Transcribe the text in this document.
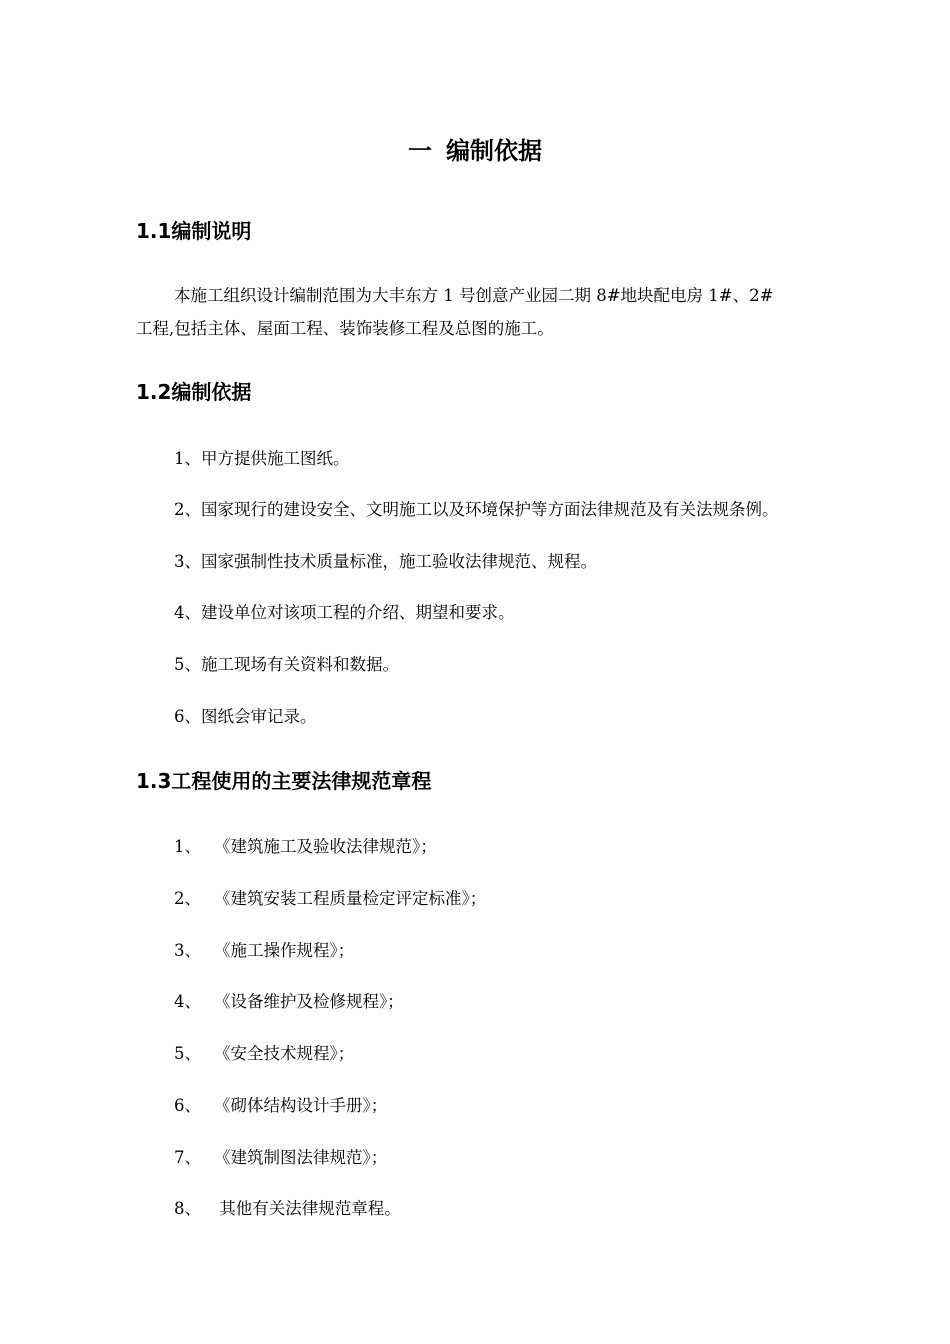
一 编制依据
1.1编制说明

本施工组织设计编制范围为大丰东方 1 号创意产业园二期 8#地块配电房 1#、2#

工程,包括主体、屋面工程、装饰装修工程及总图的施工。

1.2编制依据

1、甲方提供施工图纸。

2、国家现行的建设安全、文明施工以及环境保护等方面法律规范及有关法规条例。

3、国家强制性技术质量标准，施工验收法律规范、规程。

4、建设单位对该项工程的介绍、期望和要求。

5、施工现场有关资料和数据。

6、图纸会审记录。

1.3工程使用的主要法律规范章程

1、 《建筑施工及验收法律规范》；

2、 《建筑安装工程质量检定评定标准》；

3、 《施工操作规程》；

4、 《设备维护及检修规程》；

5、 《安全技术规程》；

6、 《砌体结构设计手册》；

7、 《建筑制图法律规范》；

8、 其他有关法律规范章程。
